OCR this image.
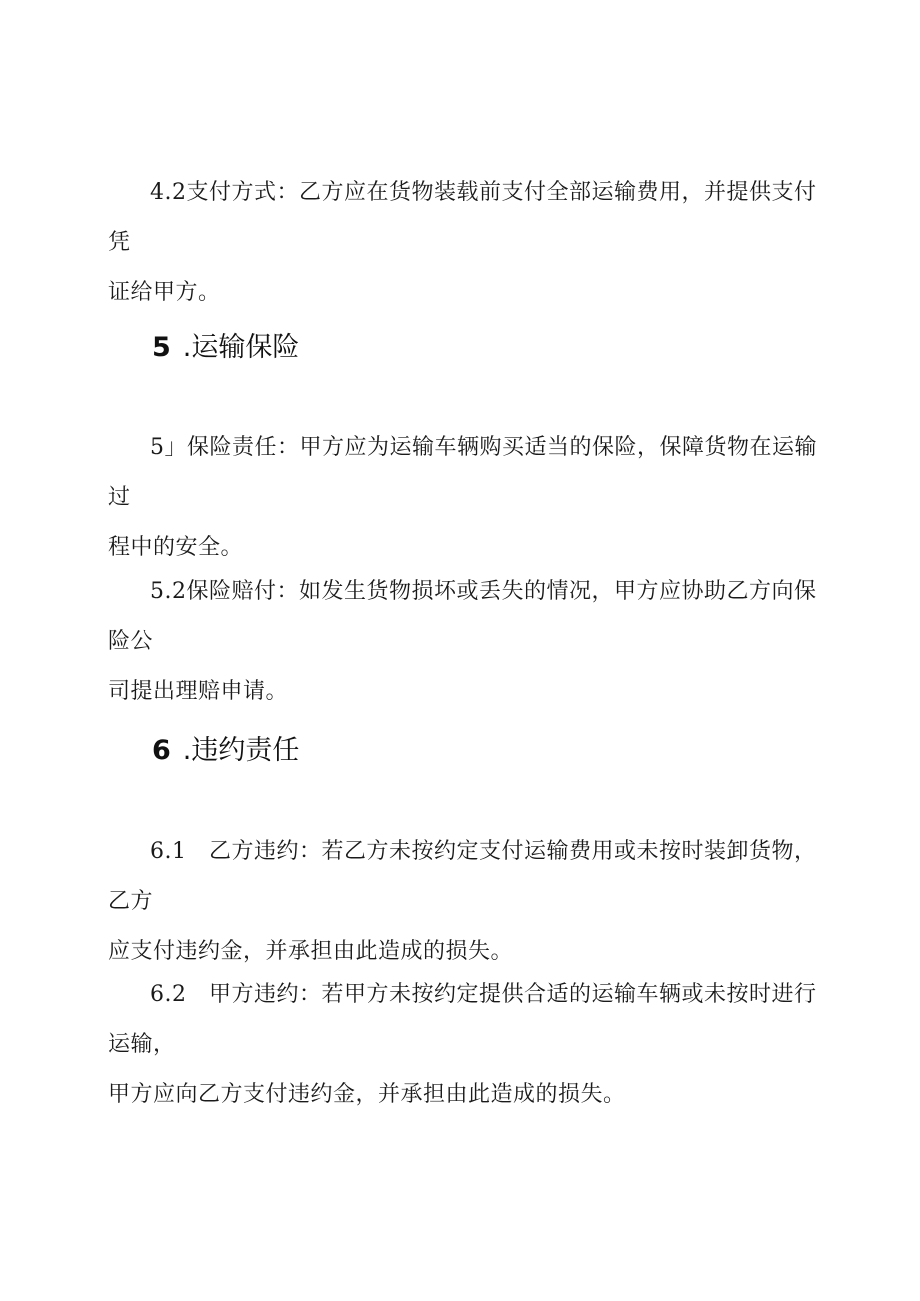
4.2支付方式：乙方应在货物装载前支付全部运输费用，并提供支付凭
证给甲方。

5 .运输保险

5」保险责任：甲方应为运输车辆购买适当的保险，保障货物在运输过
程中的安全。

5.2保险赔付：如发生货物损坏或丢失的情况，甲方应协助乙方向保险公
司提出理赔申请。

6 .违约责任

6.1　乙方违约：若乙方未按约定支付运输费用或未按时装卸货物，乙方
应支付违约金，并承担由此造成的损失。

6.2　甲方违约：若甲方未按约定提供合适的运输车辆或未按时进行运输，
甲方应向乙方支付违约金，并承担由此造成的损失。
